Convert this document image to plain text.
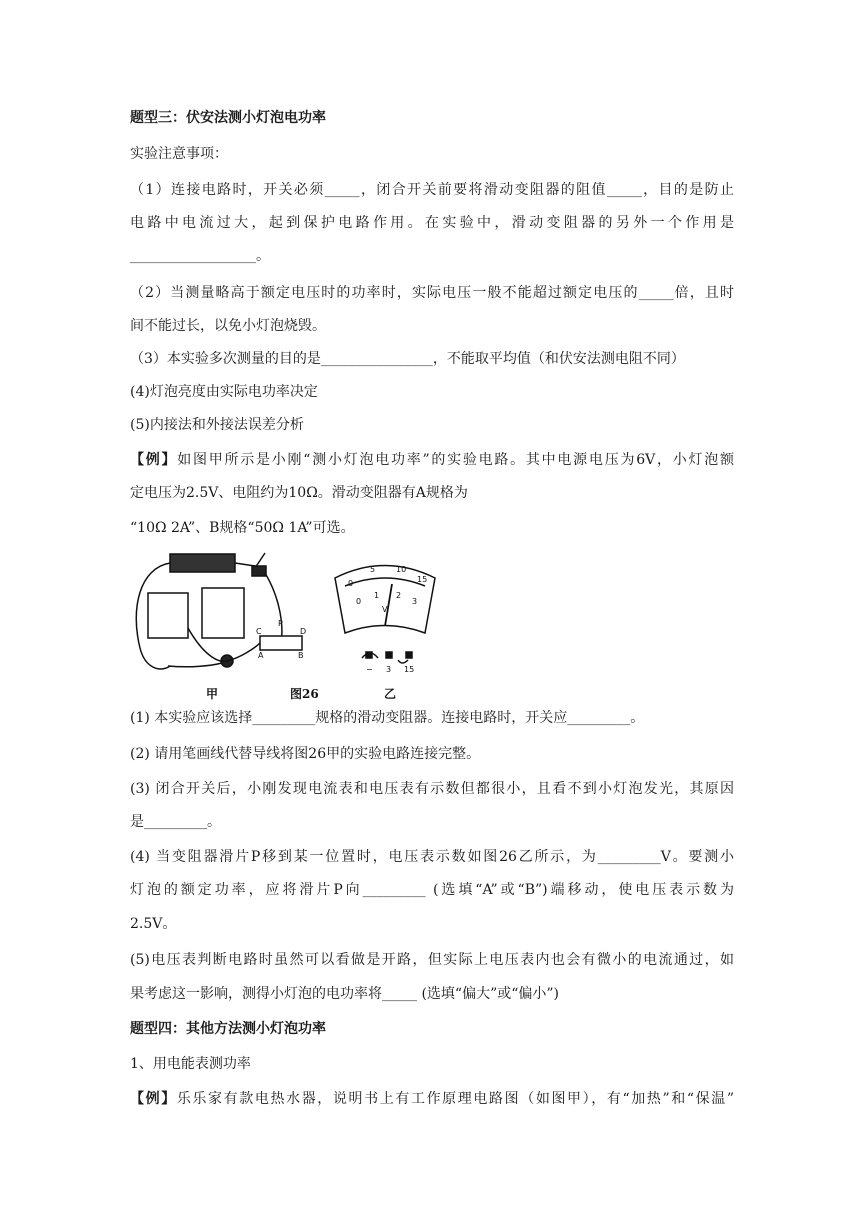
题型三：伏安法测小灯泡电功率

实验注意事项：

（1）连接电路时，开关必须_____，闭合开关前要将滑动变阻器的阻值_____，目的是防止

电路中电流过大，起到保护电路作用。在实验中，滑动变阻器的另外一个作用是

__________________。

（2）当测量略高于额定电压时的功率时，实际电压一般不能超过额定电压的_____倍，且时

间不能过长，以免小灯泡烧毁。

（3）本实验多次测量的目的是________________，不能取平均值（和伏安法测电阻不同）

(4)灯泡亮度由实际电功率决定

(5)内接法和外接法误差分析

【例】如图甲所示是小刚“测小灯泡电功率”的实验电路。其中电源电压为6V，小灯泡额

定电压为2.5V、电阻约为10Ω。滑动变阻器有A规格为

“10Ω 2A”、B规格“50Ω 1A”可选。

C
P
D
A	B
0
5	10
15
0
1 2
3
V
− 3 15
甲	图26	乙

(1) 本实验应该选择_________规格的滑动变阻器。连接电路时，开关应_________。

(2) 请用笔画线代替导线将图26甲的实验电路连接完整。

(3) 闭合开关后，小刚发现电流表和电压表有示数但都很小，且看不到小灯泡发光，其原因

是_________。

(4) 当变阻器滑片P移到某一位置时，电压表示数如图26乙所示，为_________V。要测小

灯泡的额定功率，应将滑片P向_________ (选填“A”或“B”)端移动，使电压表示数为

2.5V。

(5)电压表判断电路时虽然可以看做是开路，但实际上电压表内也会有微小的电流通过，如

果考虑这一影响，测得小灯泡的电功率将_____ (选填“偏大”或“偏小”)

题型四：其他方法测小灯泡功率

1、用电能表测功率

【例】乐乐家有款电热水器，说明书上有工作原理电路图（如图甲），有“加热”和“保温”
